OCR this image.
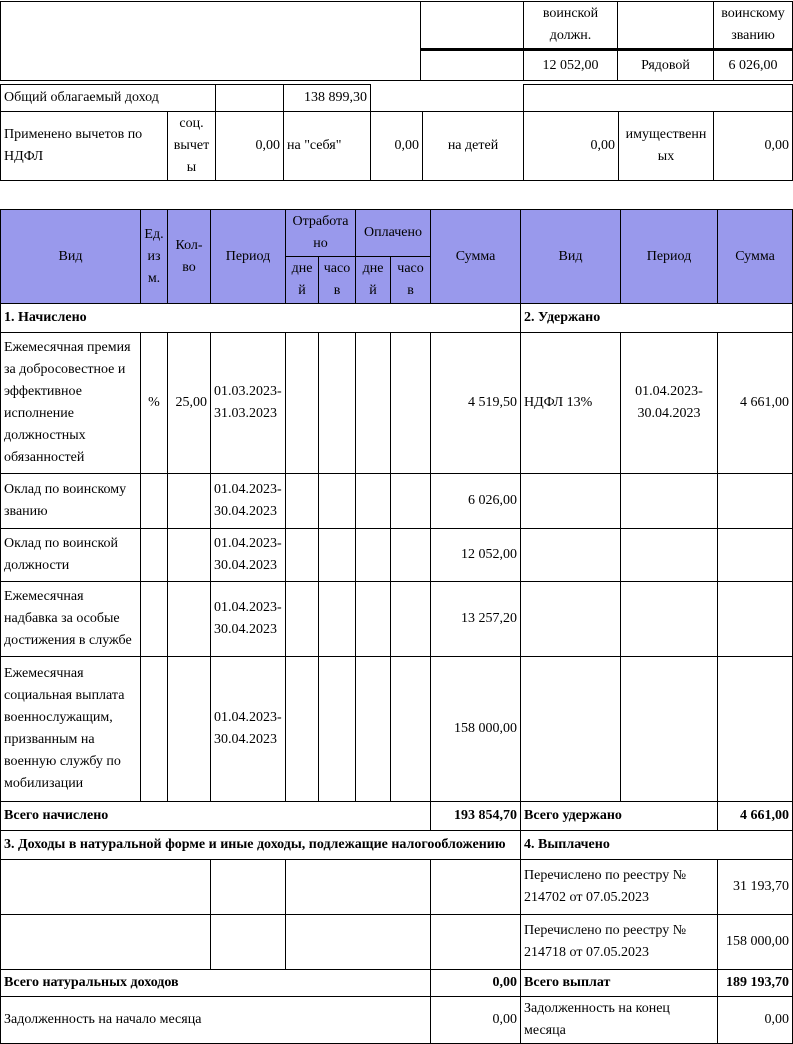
		воинской должн.		воинскому званию
		12 052,00	Рядовой	6 026,00
Общий облагаемый доход			138 899,30					
Применено вычетов по НДФЛ	соц. вычеты	0,00	на "себя"	0,00	на детей	0,00	имущественных	0,00
Вид	Ед. изм.	Кол-во	Период	Отработано		Оплачено		Сумма	Вид	Период	Сумма
				дней	часов	дней	часов				
1. Начислено									2. Удержано		
Ежемесячная премия за добросовестное и эффективное исполнение должностных обязанностей	%	25,00	01.03.2023-31.03.2023					4 519,50	НДФЛ 13%	01.04.2023-30.04.2023	4 661,00
Оклад по воинскому званию			01.04.2023-30.04.2023					6 026,00			
Оклад по воинской должности			01.04.2023-30.04.2023					12 052,00			
Ежемесячная надбавка за особые достижения в службе			01.04.2023-30.04.2023					13 257,20			
Ежемесячная социальная выплата военнослужащим, призванным на военную службу по мобилизации			01.04.2023-30.04.2023					158 000,00			
Всего начислено								193 854,70	Всего удержано		4 661,00
3. Доходы в натуральной форме и иные доходы, подлежащие налогообложению									4. Выплачено		
									Перечислено по реестру № 214702 от 07.05.2023		31 193,70
									Перечислено по реестру № 214718 от 07.05.2023		158 000,00
Всего натуральных доходов								0,00	Всего выплат		189 193,70
Задолженность на начало месяца								0,00	Задолженность на конец месяца		0,00
